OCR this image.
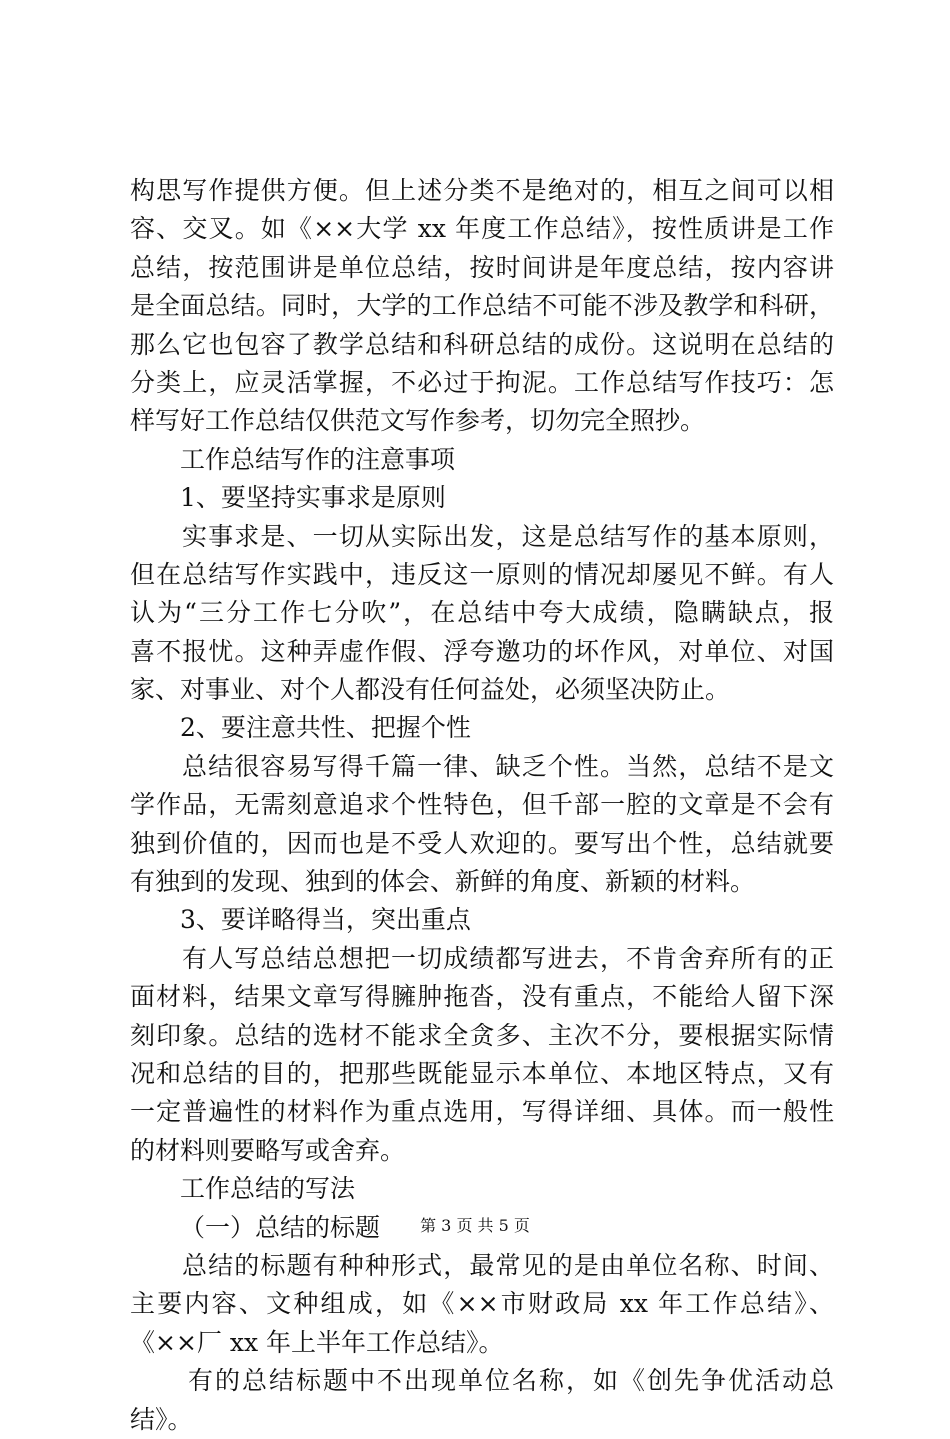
构思写作提供方便。但上述分类不是绝对的，相互之间可以相
容、交叉。如《××大学 xx 年度工作总结》，按性质讲是工作
总结，按范围讲是单位总结，按时间讲是年度总结，按内容讲
是全面总结。同时，大学的工作总结不可能不涉及教学和科研，
那么它也包容了教学总结和科研总结的成份。这说明在总结的
分类上，应灵活掌握，不必过于拘泥。工作总结写作技巧：怎
样写好工作总结仅供范文写作参考，切勿完全照抄。
工作总结写作的注意事项
1、要坚持实事求是原则
实事求是、一切从实际出发，这是总结写作的基本原则，
但在总结写作实践中，违反这一原则的情况却屡见不鲜。有人
认为“三分工作七分吹”，在总结中夸大成绩，隐瞒缺点，报
喜不报忧。这种弄虚作假、浮夸邀功的坏作风，对单位、对国
家、对事业、对个人都没有任何益处，必须坚决防止。
2、要注意共性、把握个性
总结很容易写得千篇一律、缺乏个性。当然，总结不是文
学作品，无需刻意追求个性特色，但千部一腔的文章是不会有
独到价值的，因而也是不受人欢迎的。要写出个性，总结就要
有独到的发现、独到的体会、新鲜的角度、新颖的材料。
3、要详略得当，突出重点
有人写总结总想把一切成绩都写进去，不肯舍弃所有的正
面材料，结果文章写得臃肿拖沓，没有重点，不能给人留下深
刻印象。总结的选材不能求全贪多、主次不分，要根据实际情
况和总结的目的，把那些既能显示本单位、本地区特点，又有
一定普遍性的材料作为重点选用，写得详细、具体。而一般性
的材料则要略写或舍弃。
工作总结的写法
（一）总结的标题
总结的标题有种种形式，最常见的是由单位名称、时间、
主要内容、文种组成，如《××市财政局 xx 年工作总结》、
《××厂 xx 年上半年工作总结》。
有的总结标题中不出现单位名称，如《创先争优活动总
结》。
第 3 页 共 5 页
